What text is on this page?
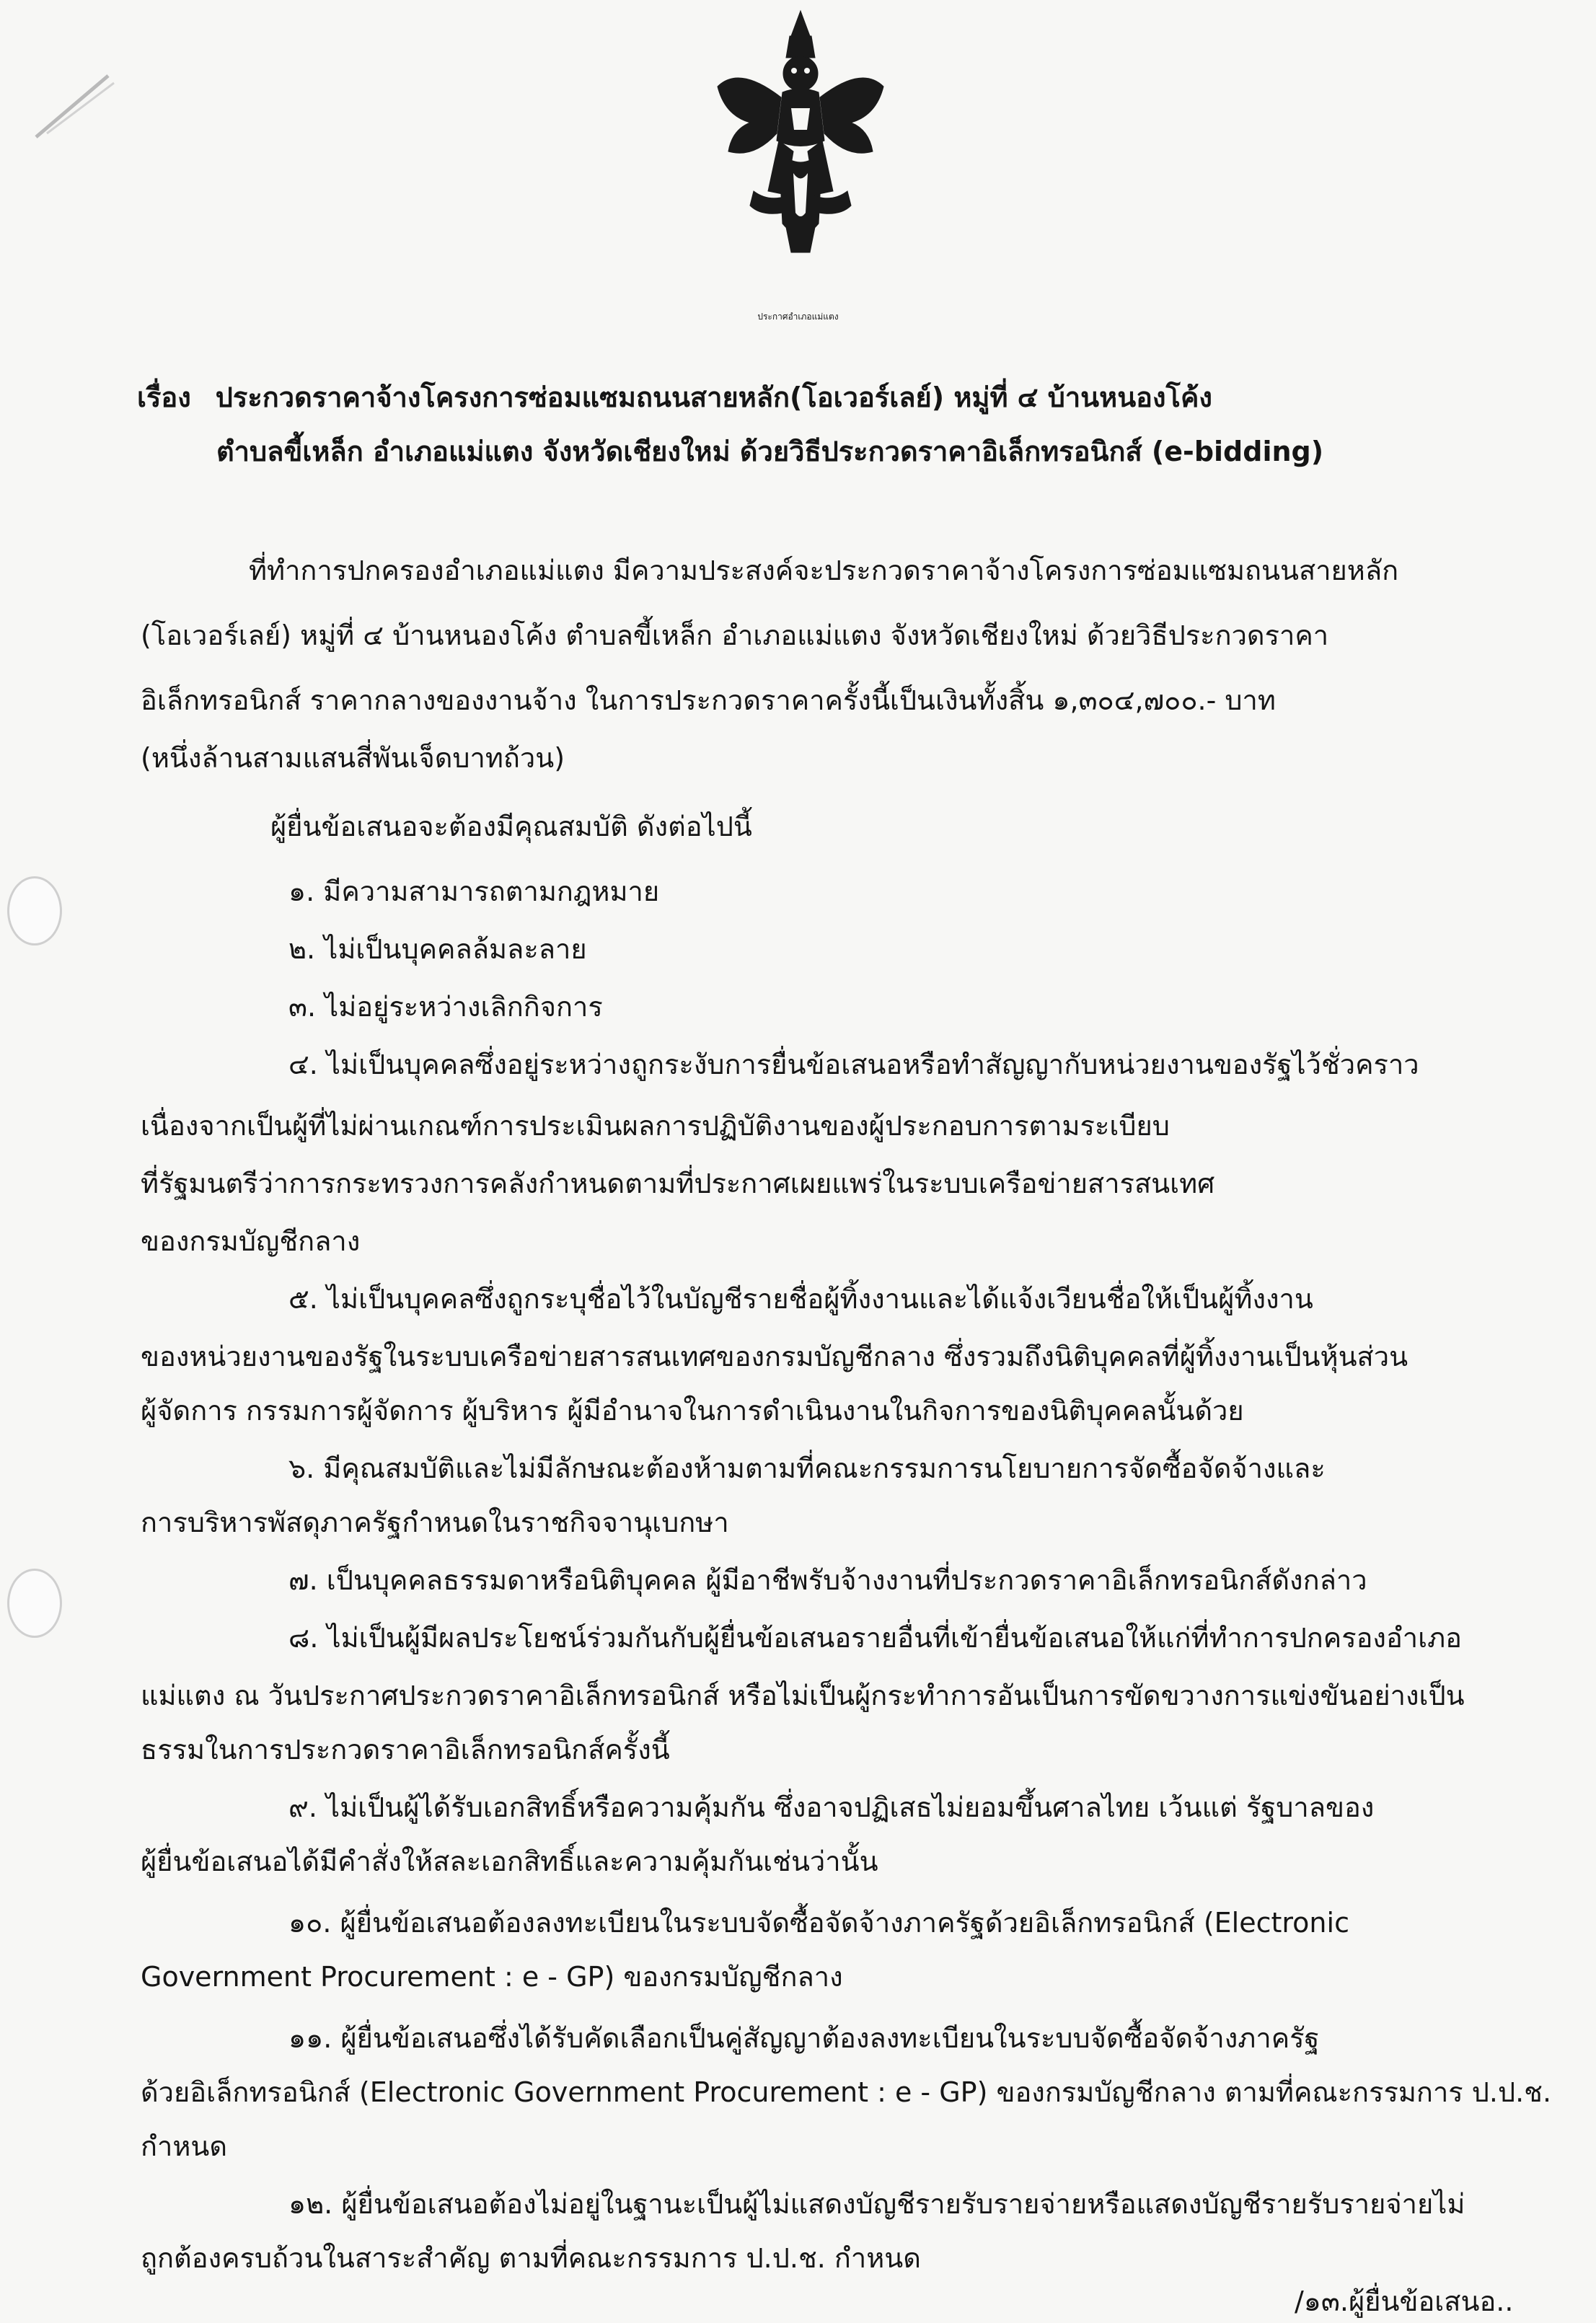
ประกาศอำเภอแม่แตง
เรื่อง ประกวดราคาจ้างโครงการซ่อมแซมถนนสายหลัก(โอเวอร์เลย์) หมู่ที่ ๔ บ้านหนองโค้ง
ตำบลขี้เหล็ก อำเภอแม่แตง จังหวัดเชียงใหม่ ด้วยวิธีประกวดราคาอิเล็กทรอนิกส์ (e-bidding)
ที่ทำการปกครองอำเภอแม่แตง มีความประสงค์จะประกวดราคาจ้างโครงการซ่อมแซมถนนสายหลัก
(โอเวอร์เลย์) หมู่ที่ ๔ บ้านหนองโค้ง ตำบลขี้เหล็ก อำเภอแม่แตง จังหวัดเชียงใหม่ ด้วยวิธีประกวดราคา
อิเล็กทรอนิกส์ ราคากลางของงานจ้าง ในการประกวดราคาครั้งนี้เป็นเงินทั้งสิ้น ๑,๓๐๔,๗๐๐.- บาท
(หนึ่งล้านสามแสนสี่พันเจ็ดบาทถ้วน)
ผู้ยื่นข้อเสนอจะต้องมีคุณสมบัติ ดังต่อไปนี้
๑. มีความสามารถตามกฎหมาย
๒. ไม่เป็นบุคคลล้มละลาย
๓. ไม่อยู่ระหว่างเลิกกิจการ
๔. ไม่เป็นบุคคลซึ่งอยู่ระหว่างถูกระงับการยื่นข้อเสนอหรือทำสัญญากับหน่วยงานของรัฐไว้ชั่วคราว
เนื่องจากเป็นผู้ที่ไม่ผ่านเกณฑ์การประเมินผลการปฏิบัติงานของผู้ประกอบการตามระเบียบ
ที่รัฐมนตรีว่าการกระทรวงการคลังกำหนดตามที่ประกาศเผยแพร่ในระบบเครือข่ายสารสนเทศ
ของกรมบัญชีกลาง
๕. ไม่เป็นบุคคลซึ่งถูกระบุชื่อไว้ในบัญชีรายชื่อผู้ทิ้งงานและได้แจ้งเวียนชื่อให้เป็นผู้ทิ้งงาน
ของหน่วยงานของรัฐในระบบเครือข่ายสารสนเทศของกรมบัญชีกลาง ซึ่งรวมถึงนิติบุคคลที่ผู้ทิ้งงานเป็นหุ้นส่วน
ผู้จัดการ กรรมการผู้จัดการ ผู้บริหาร ผู้มีอำนาจในการดำเนินงานในกิจการของนิติบุคคลนั้นด้วย
๖. มีคุณสมบัติและไม่มีลักษณะต้องห้ามตามที่คณะกรรมการนโยบายการจัดซื้อจัดจ้างและ
การบริหารพัสดุภาครัฐกำหนดในราชกิจจานุเบกษา
๗. เป็นบุคคลธรรมดาหรือนิติบุคคล ผู้มีอาชีพรับจ้างงานที่ประกวดราคาอิเล็กทรอนิกส์ดังกล่าว
๘. ไม่เป็นผู้มีผลประโยชน์ร่วมกันกับผู้ยื่นข้อเสนอรายอื่นที่เข้ายื่นข้อเสนอให้แก่ที่ทำการปกครองอำเภอ
แม่แตง ณ วันประกาศประกวดราคาอิเล็กทรอนิกส์ หรือไม่เป็นผู้กระทำการอันเป็นการขัดขวางการแข่งขันอย่างเป็น
ธรรมในการประกวดราคาอิเล็กทรอนิกส์ครั้งนี้
๙. ไม่เป็นผู้ได้รับเอกสิทธิ์หรือความคุ้มกัน ซึ่งอาจปฏิเสธไม่ยอมขึ้นศาลไทย เว้นแต่ รัฐบาลของ
ผู้ยื่นข้อเสนอได้มีคำสั่งให้สละเอกสิทธิ์และความคุ้มกันเช่นว่านั้น
๑๐. ผู้ยื่นข้อเสนอต้องลงทะเบียนในระบบจัดซื้อจัดจ้างภาครัฐด้วยอิเล็กทรอนิกส์ (Electronic
Government Procurement : e - GP) ของกรมบัญชีกลาง
๑๑. ผู้ยื่นข้อเสนอซึ่งได้รับคัดเลือกเป็นคู่สัญญาต้องลงทะเบียนในระบบจัดซื้อจัดจ้างภาครัฐ
ด้วยอิเล็กทรอนิกส์ (Electronic Government Procurement : e - GP) ของกรมบัญชีกลาง ตามที่คณะกรรมการ ป.ป.ช.
กำหนด
๑๒. ผู้ยื่นข้อเสนอต้องไม่อยู่ในฐานะเป็นผู้ไม่แสดงบัญชีรายรับรายจ่ายหรือแสดงบัญชีรายรับรายจ่ายไม่
ถูกต้องครบถ้วนในสาระสำคัญ ตามที่คณะกรรมการ ป.ป.ช. กำหนด
/๑๓.ผู้ยื่นข้อเสนอ..
